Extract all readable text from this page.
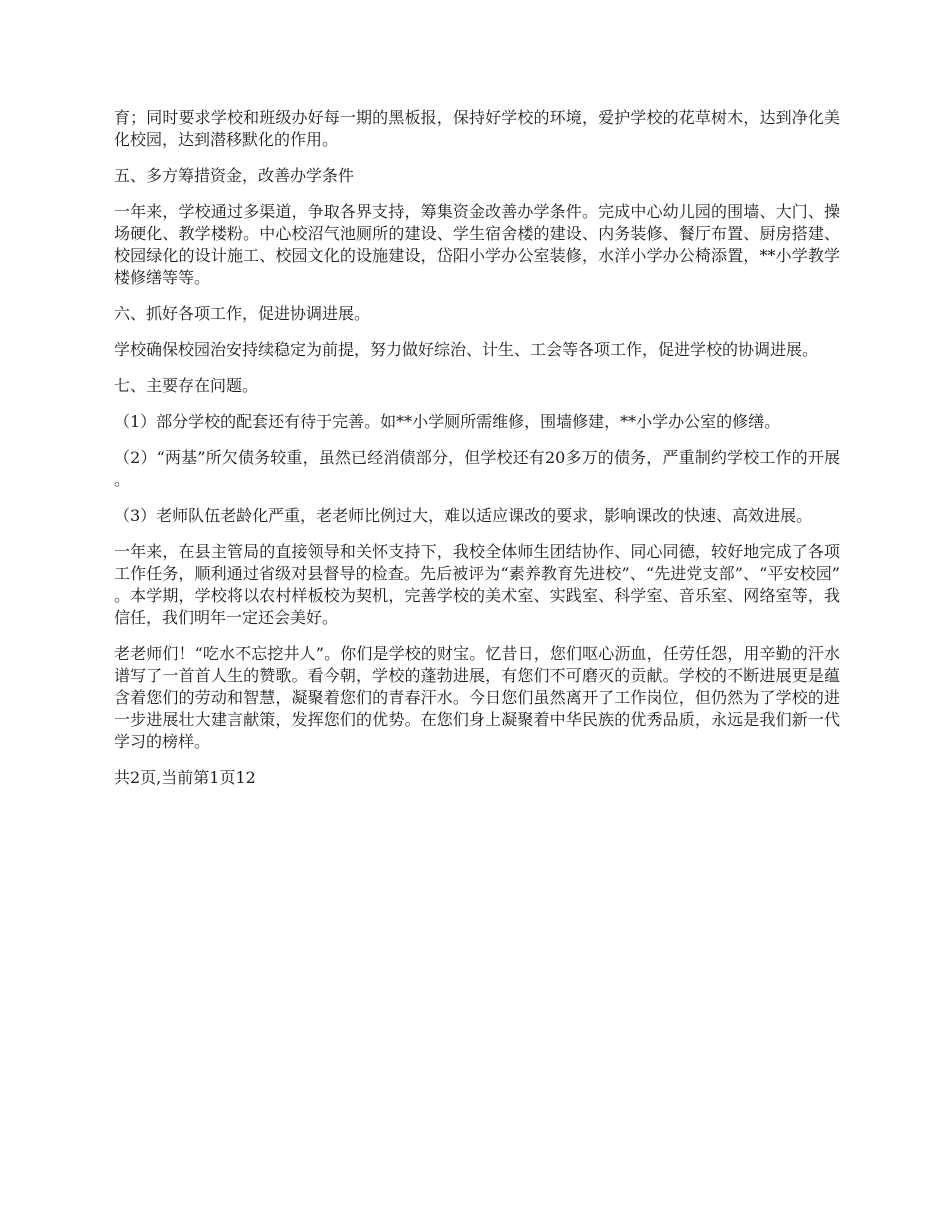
育；同时要求学校和班级办好每一期的黑板报，保持好学校的环境，爱护学校的花草树木，达到净化美化校园，达到潜移默化的作用。

五、多方筹措资金，改善办学条件

一年来，学校通过多渠道，争取各界支持，筹集资金改善办学条件。完成中心幼儿园的围墙、大门、操场硬化、教学楼粉。中心校沼气池厕所的建设、学生宿舍楼的建设、内务装修、餐厅布置、厨房搭建、校园绿化的设计施工、校园文化的设施建设，岱阳小学办公室装修，水洋小学办公椅添置，**小学教学楼修缮等等。

六、抓好各项工作，促进协调进展。

学校确保校园治安持续稳定为前提，努力做好综治、计生、工会等各项工作，促进学校的协调进展。

七、主要存在问题。

（1）部分学校的配套还有待于完善。如**小学厕所需维修，围墙修建，**小学办公室的修缮。

（2）“两基”所欠债务较重，虽然已经消债部分，但学校还有20多万的债务，严重制约学校工作的开展。

（3）老师队伍老龄化严重，老老师比例过大，难以适应课改的要求，影响课改的快速、高效进展。

一年来，在县主管局的直接领导和关怀支持下，我校全体师生团结协作、同心同德，较好地完成了各项工作任务，顺利通过省级对县督导的检查。先后被评为“素养教育先进校”、“先进党支部”、“平安校园”。本学期，学校将以农村样板校为契机，完善学校的美术室、实践室、科学室、音乐室、网络室等，我信任，我们明年一定还会美好。

老老师们！“吃水不忘挖井人”。你们是学校的财宝。忆昔日，您们呕心沥血，任劳任怨，用辛勤的汗水谱写了一首首人生的赞歌。看今朝，学校的蓬勃进展，有您们不可磨灭的贡献。学校的不断进展更是蕴含着您们的劳动和智慧，凝聚着您们的青春汗水。今日您们虽然离开了工作岗位，但仍然为了学校的进一步进展壮大建言献策，发挥您们的优势。在您们身上凝聚着中华民族的优秀品质，永远是我们新一代学习的榜样。

共2页,当前第1页12
